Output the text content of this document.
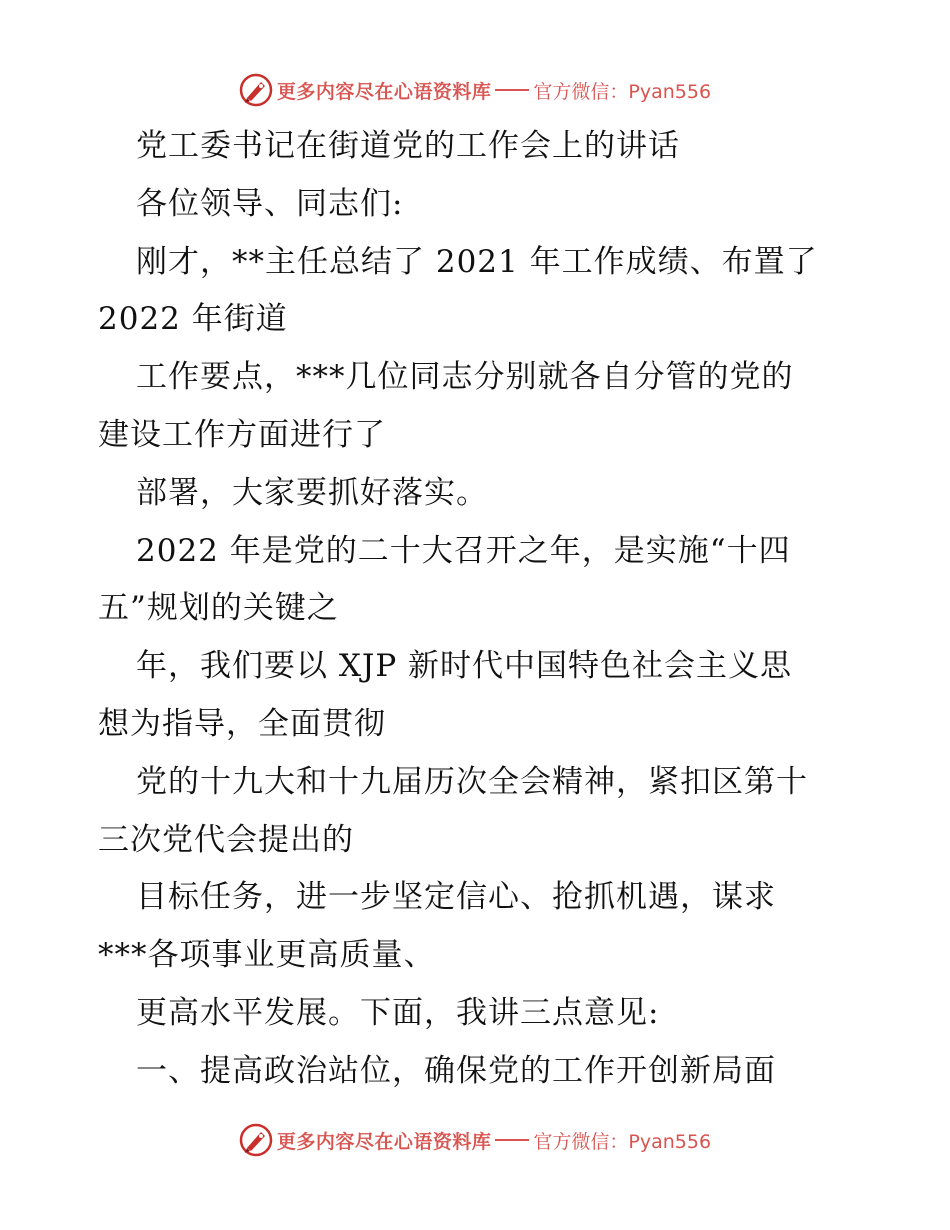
更多内容尽在心语资料库 官方微信：Pyan556
党工委书记在街道党的工作会上的讲话
各位领导、同志们:
刚才，**主任总结了 2021 年工作成绩、布置了
2022 年街道
工作要点，***几位同志分别就各自分管的党的
建设工作方面进行了
部署，大家要抓好落实。
2022 年是党的二十大召开之年，是实施“十四
五”规划的关键之
年，我们要以 XJP 新时代中国特色社会主义思
想为指导，全面贯彻
党的十九大和十九届历次全会精神，紧扣区第十
三次党代会提出的
目标任务，进一步坚定信心、抢抓机遇，谋求
***各项事业更高质量、
更高水平发展。下面，我讲三点意见:
一、提高政治站位，确保党的工作开创新局面
更多内容尽在心语资料库 官方微信：Pyan556
